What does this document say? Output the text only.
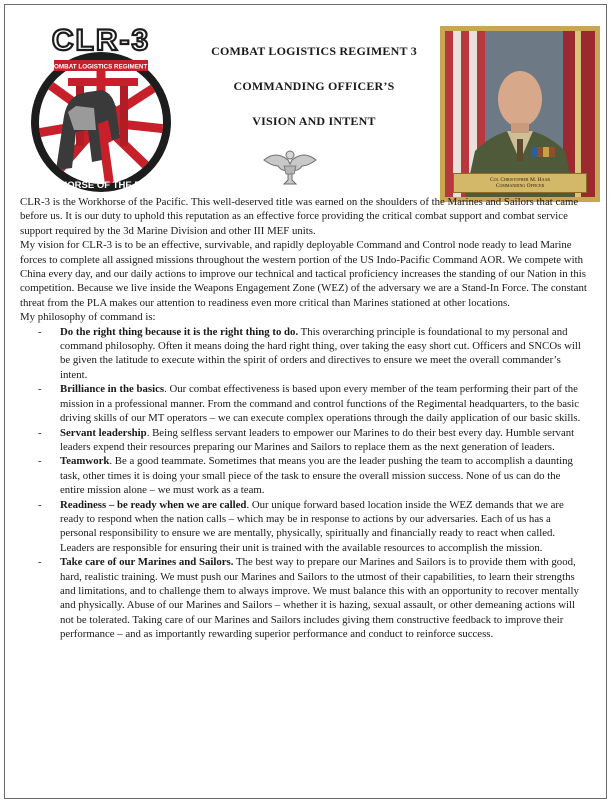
WORKHORSE OF THE PACIFIC
COMBAT LOGISTICS REGIMENT 3
CLR-3	COMBAT LOGISTICS REGIMENT 3
COMMANDING OFFICER’S
VISION AND INTENT
Col Christopher M. Haar
Commanding Officer

CLR-3 is the Workhorse of the Pacific. This well-deserved title was earned on the shoulders of the Marines and Sailors that came before us. It is our duty to uphold this reputation as an effective force providing the critical combat support and combat service support required by the 3d Marine Division and other III MEF units.

My vision for CLR-3 is to be an effective, survivable, and rapidly deployable Command and Control node ready to lead Marine forces to complete all assigned missions throughout the western portion of the US Indo-Pacific Command AOR. We compete with China every day, and our daily actions to improve our technical and tactical proficiency increases the standing of our Nation in this competition. Because we live inside the Weapons Engagement Zone (WEZ) of the adversary we are a Stand-In Force. The constant threat from the PLA makes our attention to readiness even more critical than Marines stationed at other locations.

My philosophy of command is:

- Do the right thing because it is the right thing to do. This overarching principle is foundational to my personal and command philosophy. Often it means doing the hard right thing, over taking the easy short cut. Officers and SNCOs will be given the latitude to execute within the spirit of orders and directives to ensure we meet the overall commander’s intent.
- Brilliance in the basics. Our combat effectiveness is based upon every member of the team performing their part of the mission in a professional manner. From the command and control functions of the Regimental headquarters, to the basic driving skills of our MT operators – we can execute complex operations through the daily application of our basic skills.
- Servant leadership. Being selfless servant leaders to empower our Marines to do their best every day. Humble servant leaders expend their resources preparing our Marines and Sailors to replace them as the next generation of leaders.
- Teamwork. Be a good teammate. Sometimes that means you are the leader pushing the team to accomplish a daunting task, other times it is doing your small piece of the task to ensure the overall mission success. None of us can do the entire mission alone – we must work as a team.
- Readiness – be ready when we are called. Our unique forward based location inside the WEZ demands that we are ready to respond when the nation calls – which may be in response to actions by our adversaries. Each of us has a personal responsibility to ensure we are mentally, physically, spiritually and financially ready to react when called. Leaders are responsible for ensuring their unit is trained with the available resources to accomplish the mission.
- Take care of our Marines and Sailors. The best way to prepare our Marines and Sailors is to provide them with good, hard, realistic training. We must push our Marines and Sailors to the utmost of their capabilities, to learn their strengths and limitations, and to challenge them to always improve. We must balance this with an opportunity to recover mentally and physically. Abuse of our Marines and Sailors – whether it is hazing, sexual assault, or other demeaning actions will not be tolerated. Taking care of our Marines and Sailors includes giving them constructive feedback to improve their performance – and as importantly rewarding superior performance and conduct to reinforce success.
